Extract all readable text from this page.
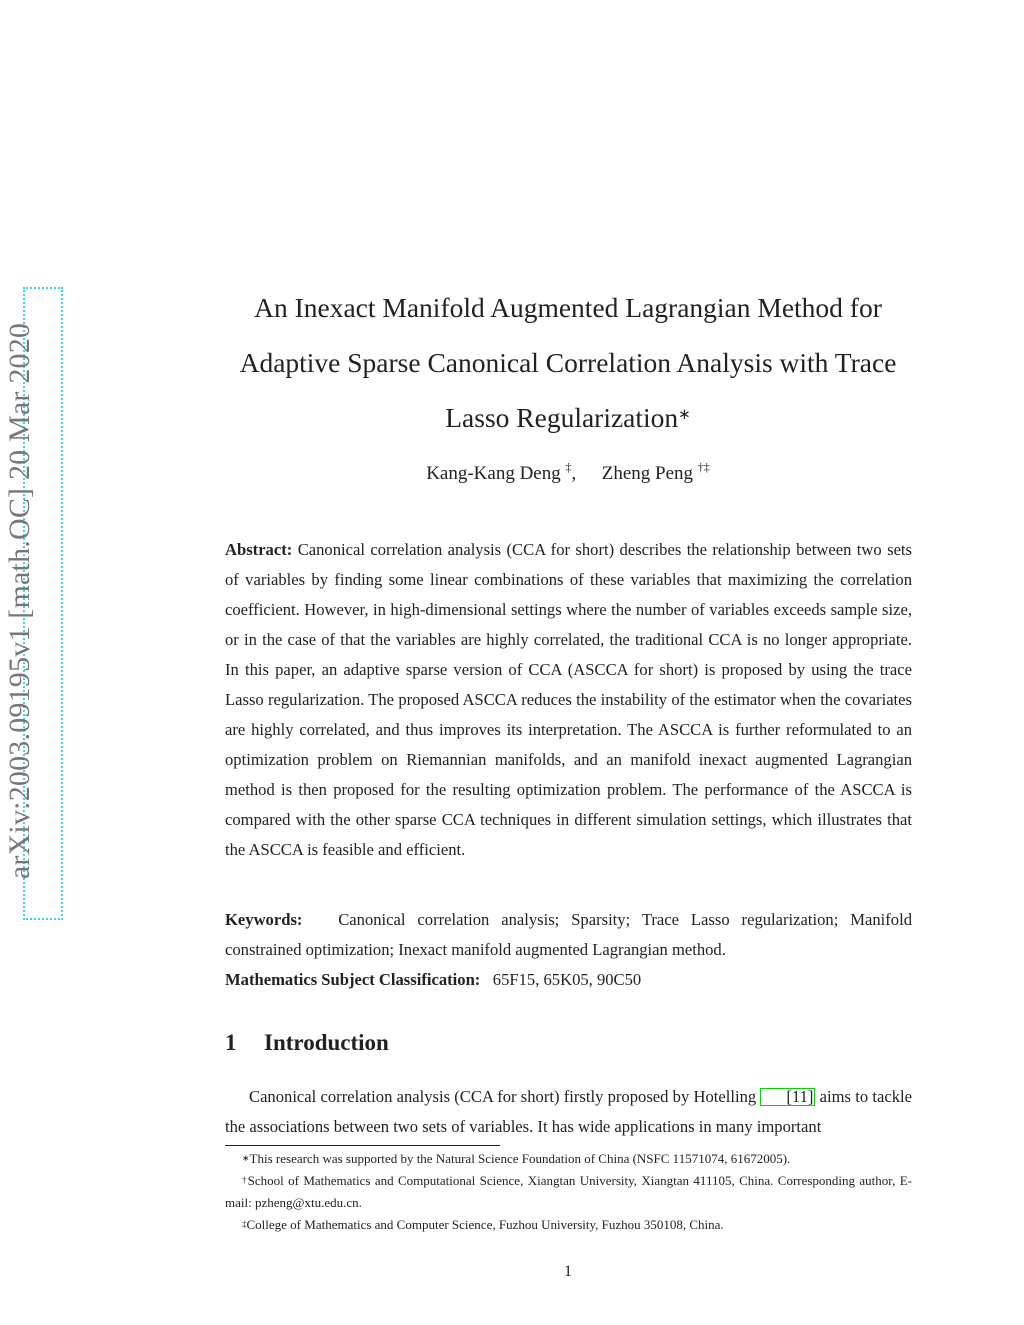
arXiv:2003.09195v1 [math.OC] 20 Mar 2020
An Inexact Manifold Augmented Lagrangian Method for
Adaptive Sparse Canonical Correlation Analysis with Trace
Lasso Regularization∗
Kang-Kang Deng ‡, Zheng Peng †‡
Abstract: Canonical correlation analysis (CCA for short) describes the relationship between two sets of variables by finding some linear combinations of these variables that maximizing the correlation coefficient. However, in high-dimensional settings where the number of variables exceeds sample size, or in the case of that the variables are highly correlated, the traditional CCA is no longer appropriate. In this paper, an adaptive sparse version of CCA (ASCCA for short) is proposed by using the trace Lasso regularization. The proposed ASCCA reduces the instability of the estimator when the covariates are highly correlated, and thus improves its interpretation. The ASCCA is further reformulated to an optimization problem on Riemannian manifolds, and an manifold inexact augmented Lagrangian method is then proposed for the resulting optimization problem. The performance of the ASCCA is compared with the other sparse CCA techniques in different simulation settings, which illustrates that the ASCCA is feasible and efficient.
Keywords: Canonical correlation analysis; Sparsity; Trace Lasso regularization; Manifold constrained optimization; Inexact manifold augmented Lagrangian method.
Mathematics Subject Classification: 65F15, 65K05, 90C50
1 Introduction
Canonical correlation analysis (CCA for short) firstly proposed by Hotelling [11] aims to tackle the associations between two sets of variables. It has wide applications in many important
∗This research was supported by the Natural Science Foundation of China (NSFC 11571074, 61672005).
†School of Mathematics and Computational Science, Xiangtan University, Xiangtan 411105, China. Corresponding author, E-mail: pzheng@xtu.edu.cn.
‡College of Mathematics and Computer Science, Fuzhou University, Fuzhou 350108, China.
1
